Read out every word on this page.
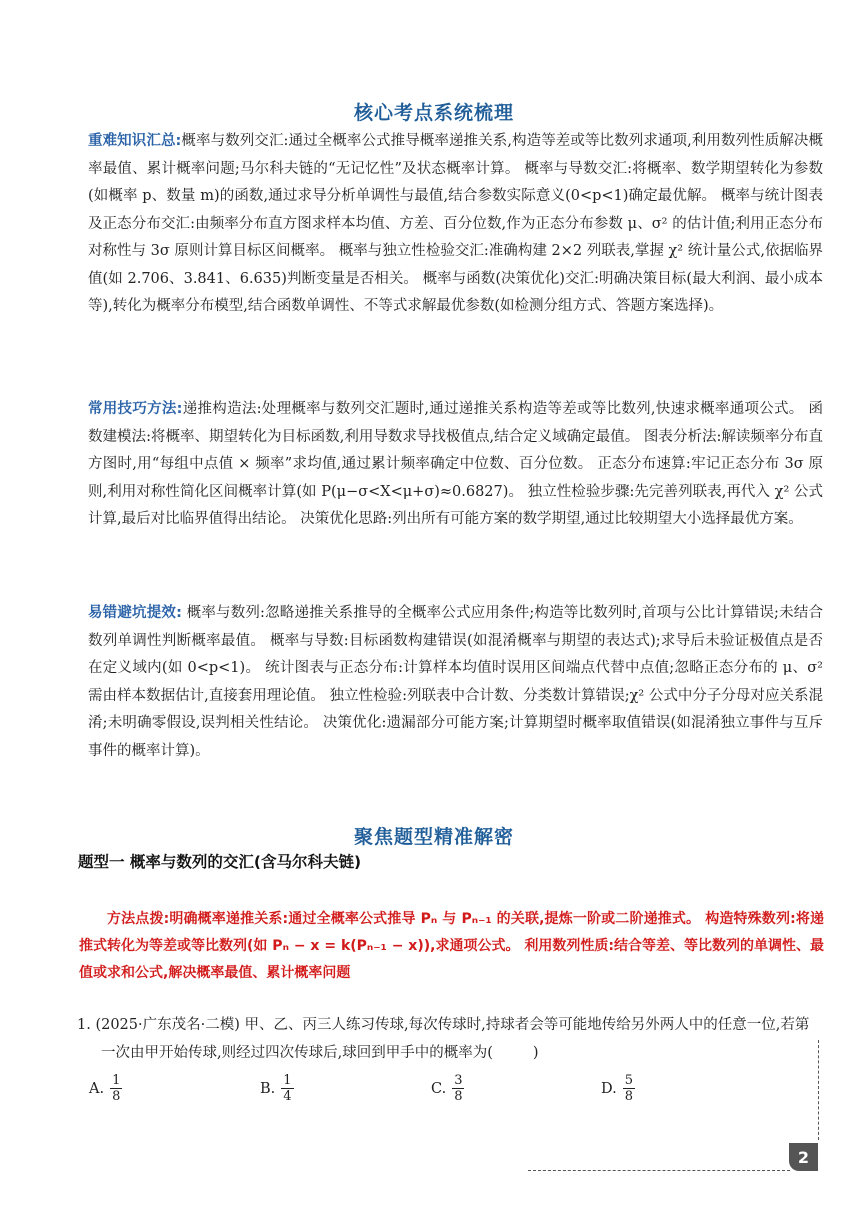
核心考点系统梳理
重难知识汇总:概率与数列交汇:通过全概率公式推导概率递推关系,构造等差或等比数列求通项,利用数列性质解决概率最值、累计概率问题;马尔科夫链的“无记忆性”及状态概率计算。 概率与导数交汇:将概率、数学期望转化为参数(如概率 p、数量 m)的函数,通过求导分析单调性与最值,结合参数实际意义(0<p<1)确定最优解。 概率与统计图表及正态分布交汇:由频率分布直方图求样本均值、方差、百分位数,作为正态分布参数 μ、σ² 的估计值;利用正态分布对称性与 3σ 原则计算目标区间概率。 概率与独立性检验交汇:准确构建 2×2 列联表,掌握 χ² 统计量公式,依据临界值(如 2.706、3.841、6.635)判断变量是否相关。 概率与函数(决策优化)交汇:明确决策目标(最大利润、最小成本等),转化为概率分布模型,结合函数单调性、不等式求解最优参数(如检测分组方式、答题方案选择)。
常用技巧方法:递推构造法:处理概率与数列交汇题时,通过递推关系构造等差或等比数列,快速求概率通项公式。 函数建模法:将概率、期望转化为目标函数,利用导数求导找极值点,结合定义域确定最值。 图表分析法:解读频率分布直方图时,用“每组中点值 × 频率”求均值,通过累计频率确定中位数、百分位数。 正态分布速算:牢记正态分布 3σ 原则,利用对称性简化区间概率计算(如 P(μ−σ<X<μ+σ)≈0.6827)。 独立性检验步骤:先完善列联表,再代入 χ² 公式计算,最后对比临界值得出结论。 决策优化思路:列出所有可能方案的数学期望,通过比较期望大小选择最优方案。
易错避坑提效: 概率与数列:忽略递推关系推导的全概率公式应用条件;构造等比数列时,首项与公比计算错误;未结合数列单调性判断概率最值。 概率与导数:目标函数构建错误(如混淆概率与期望的表达式);求导后未验证极值点是否在定义域内(如 0<p<1)。 统计图表与正态分布:计算样本均值时误用区间端点代替中点值;忽略正态分布的 μ、σ² 需由样本数据估计,直接套用理论值。 独立性检验:列联表中合计数、分类数计算错误;χ² 公式中分子分母对应关系混淆;未明确零假设,误判相关性结论。 决策优化:遗漏部分可能方案;计算期望时概率取值错误(如混淆独立事件与互斥事件的概率计算)。
聚焦题型精准解密
题型一 概率与数列的交汇(含马尔科夫链)
方法点拨:明确概率递推关系:通过全概率公式推导 Pₙ 与 Pₙ₋₁ 的关联,提炼一阶或二阶递推式。 构造特殊数列:将递推式转化为等差或等比数列(如 Pₙ − x = k(Pₙ₋₁ − x)),求通项公式。 利用数列性质:结合等差、等比数列的单调性、最值或求和公式,解决概率最值、累计概率问题
1. (2025·广东茂名·二模) 甲、乙、丙三人练习传球,每次传球时,持球者会等可能地传给另外两人中的任意一位,若第一次由甲开始传球,则经过四次传球后,球回到甲手中的概率为(	)
A. $\frac{1}{8}$	B. $\frac{1}{4}$	C. $\frac{3}{8}$	D. $\frac{5}{8}$
2
